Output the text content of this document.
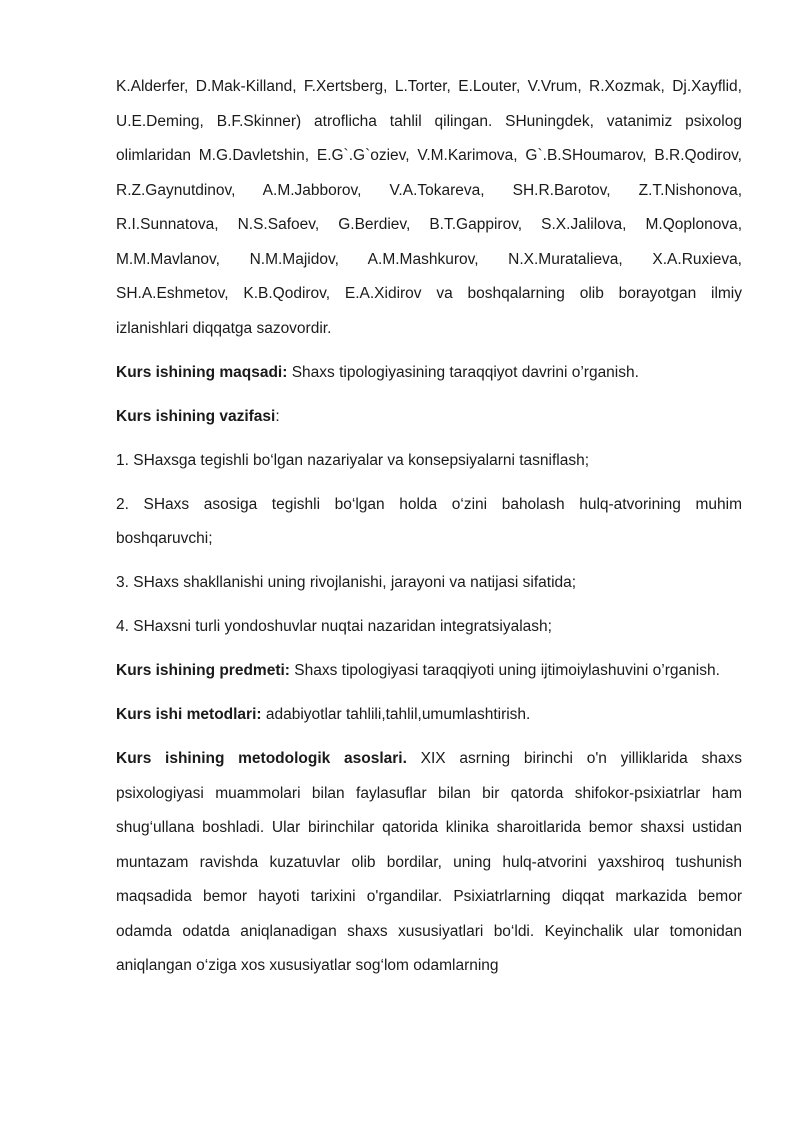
K.Alderfer, D.Mak-Killand, F.Xertsberg, L.Torter, E.Louter, V.Vrum, R.Xozmak, Dj.Xayflid, U.E.Deming, B.F.Skinner) atroflicha tahlil qilingan. SHuningdek, vatanimiz psixolog olimlaridan M.G.Davletshin, E.G`.G`oziev, V.M.Karimova, G`.B.SHoumarov, B.R.Qodirov, R.Z.Gaynutdinov, A.M.Jabborov, V.A.Tokareva, SH.R.Barotov, Z.T.Nishonova, R.I.Sunnatova, N.S.Safoev, G.Berdiev, B.T.Gappirov, S.X.Jalilova, M.Qoplonova, M.M.Mavlanov, N.M.Majidov, A.M.Mashkurov, N.X.Muratalieva, X.A.Ruxieva, SH.A.Eshmetov, K.B.Qodirov, E.A.Xidirov va boshqalarning olib borayotgan ilmiy izlanishlari diqqatga sazovordir.

Kurs ishining maqsadi: Shaxs tipologiyasining taraqqiyot davrini o’rganish.

Kurs ishining vazifasi:

1. SHaxsga tegishli bo‘lgan nazariyalar va konsepsiyalarni tasniflash;

2. SHaxs asosiga tegishli bo‘lgan holda o‘zini baholash hulq-atvorining muhim boshqaruvchi;

3. SHaxs shakllanishi uning rivojlanishi, jarayoni va natijasi sifatida;

4. SHaxsni turli yondoshuvlar nuqtai nazaridan integratsiyalash;

Kurs ishining predmeti: Shaxs tipologiyasi taraqqiyoti uning ijtimoiylashuvini o’rganish.

Kurs ishi metodlari: adabiyotlar tahlili,tahlil,umumlashtirish.

Kurs ishining metodologik asoslari. XIX asrning birinchi o'n yilliklarida shaxs psixologiyasi muammolari bilan faylasuflar bilan bir qatorda shifokor-psixiatrlar ham shug‘ullana boshladi. Ular birinchilar qatorida klinika sharoitlarida bemor shaxsi ustidan muntazam ravishda kuzatuvlar olib bordilar, uning hulq-atvorini yaxshiroq tushunish maqsadida bemor hayoti tarixini o'rgandilar. Psixiatrlarning diqqat markazida bemor odamda odatda aniqlanadigan shaxs xususiyatlari bo‘ldi. Keyinchalik ular tomonidan aniqlangan o‘ziga xos xususiyatlar sog‘lom odamlarning
